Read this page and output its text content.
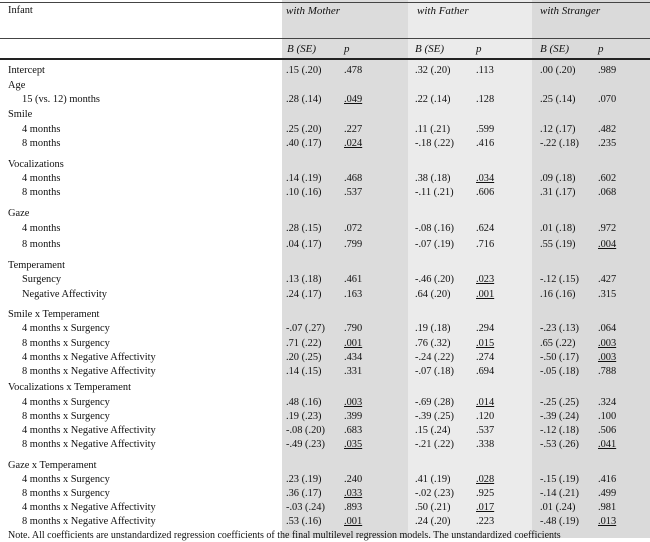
Infant	with Mother	with Father	with Stranger
B (SE)	p	B (SE)	p	B (SE)	p
Intercept	.15 (.20) .478	.32 (.20) .113	.00 (.20) .989
Age
15 (vs. 12) months	.28 (.14) .049	.22 (.14) .128	.25 (.14) .070
Smile
4 months	.25 (.20) .227	.11 (.21) .599	.12 (.17) .482
8 months	.40 (.17) .024	-.18 (.22) .416	-.22 (.18) .235
Vocalizations
4 months	.14 (.19) .468	.38 (.18) .034	.09 (.18) .602
8 months	.10 (.16) .537	-.11 (.21) .606	.31 (.17) .068
Gaze
4 months	.28 (.15) .072	-.08 (.16) .624	.01 (.18) .972
8 months	.04 (.17) .799	-.07 (.19) .716	.55 (.19) .004
Temperament
Surgency	.13 (.18) .461	-.46 (.20) .023	-.12 (.15) .427
Negative Affectivity	.24 (.17) .163	.64 (.20) .001	.16 (.16) .315
Smile x Temperament
4 months x Surgency	-.07 (.27) .790	.19 (.18) .294	-.23 (.13) .064
8 months x Surgency	.71 (.22) .001	.76 (.32) .015	.65 (.22) .003
4 months x Negative Affectivity	.20 (.25) .434	-.24 (.22) .274	-.50 (.17) .003
8 months x Negative Affectivity	.14 (.15) .331	-.07 (.18) .694	-.05 (.18) .788
Vocalizations x Temperament
4 months x Surgency	.48 (.16) .003	-.69 (.28) .014	-.25 (.25) .324
8 months x Surgency	.19 (.23) .399	-.39 (.25) .120	-.39 (.24) .100
4 months x Negative Affectivity	-.08 (.20) .683	.15 (.24) .537	-.12 (.18) .506
8 months x Negative Affectivity	-.49 (.23) .035	-.21 (.22) .338	-.53 (.26) .041
Gaze x Temperament
4 months x Surgency	.23 (.19) .240	.41 (.19) .028	-.15 (.19) .416
8 months x Surgency	.36 (.17) .033	-.02 (.23) .925	-.14 (.21) .499
4 months x Negative Affectivity	-.03 (.24) .893	.50 (.21) .017	.01 (.24) .981
8 months x Negative Affectivity	.53 (.16) .001	.24 (.20) .223	-.48 (.19) .013
Note. All coefficients are unstandardized regression coefficients of the final multilevel regression models. The unstandardized coefficients
